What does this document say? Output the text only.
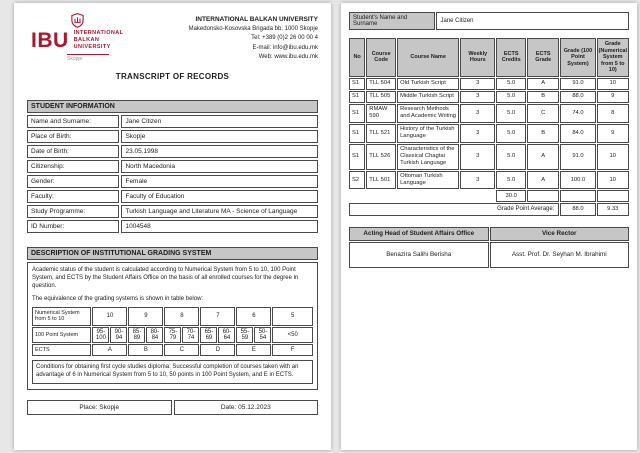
IBU INTERNATIONAL
BALKAN
UNIVERSITY
Skopje
INTERNATIONAL BALKAN UNIVERSITY
Makedonsko-Kosovska Brigada bb, 1000 Skopje
Tel: +389 (0)2 26 00 00 4
E-mail: info@ibu.edu.mk
Web: www.ibu.edu.mk
TRANSCRIPT OF RECORDS
STUDENT INFORMATION
Name and Surname:	Jane Citizen
Place of Birth:	Skopje
Date of Birth:	23.05.1998
Citizenship:	North Macedonia
Gender:	Female
Faculty:	Faculty of Education
Study Programme:	Turkish Language and Literature MA - Science of Language
ID Number:	1004548
DESCRIPTION OF INSTITUTIONAL GRADING SYSTEM

Academic status of the student is calculated according to Numerical System from 5 to 10, 100 Point System, and ECTS by the Student Affairs Office on the basis of all enrolled courses for the degree in question.

The equivalence of the grading systems is shown in table below:

Numerical System from 5 to 10	10		9		8		7		6		5
100 Point System	95-100	90-94	85-89	80-84	75-79	70-74	65-69	60-64	55-59	50-54	<50
ECTS	A		B		C		D		E		F
Conditions for obtaining first cycle studies diploma: Successful completion of courses taken with an advantage of 6 in Numerical System from 5 to 10, 50 points in 100 Point System, and E in ECTS.
Place: Skopje	Date: 05.12.2023
Student's Name and Surname	Jane Citizen
No	Course Code	Course Name	Weekly Hours	ECTS Credits	ECTS Grade	Grade (100 Point System)	Grade (Numerical System from 5 to 10)
S1	TLL 504	Old Turkish Script	3	5.0	A	91.0	10
S1	TLL 505	Middle Turkish Script	3	5.0	B	88.0	9
S1	RMAW 590	Research Methods and Academic Writing	3	5.0	C	74.0	8
S1	TLL 521	History of the Turkish Language	3	5.0	B	84.0	9
S1	TLL 526	Characteristics of the Classical Chagtai Turkish Language	3	5.0	A	91.0	10
S2	TLL 501	Ottoman Turkish Language	3	5.0	A	100.0	10
				30.0			
Grade Point Average:						88.0	9.33
Acting Head of Student Affairs Office	Vice Rector
Benazira Salihi Berisha	Asst. Prof. Dr. Seyhan M. Ibrahimi
